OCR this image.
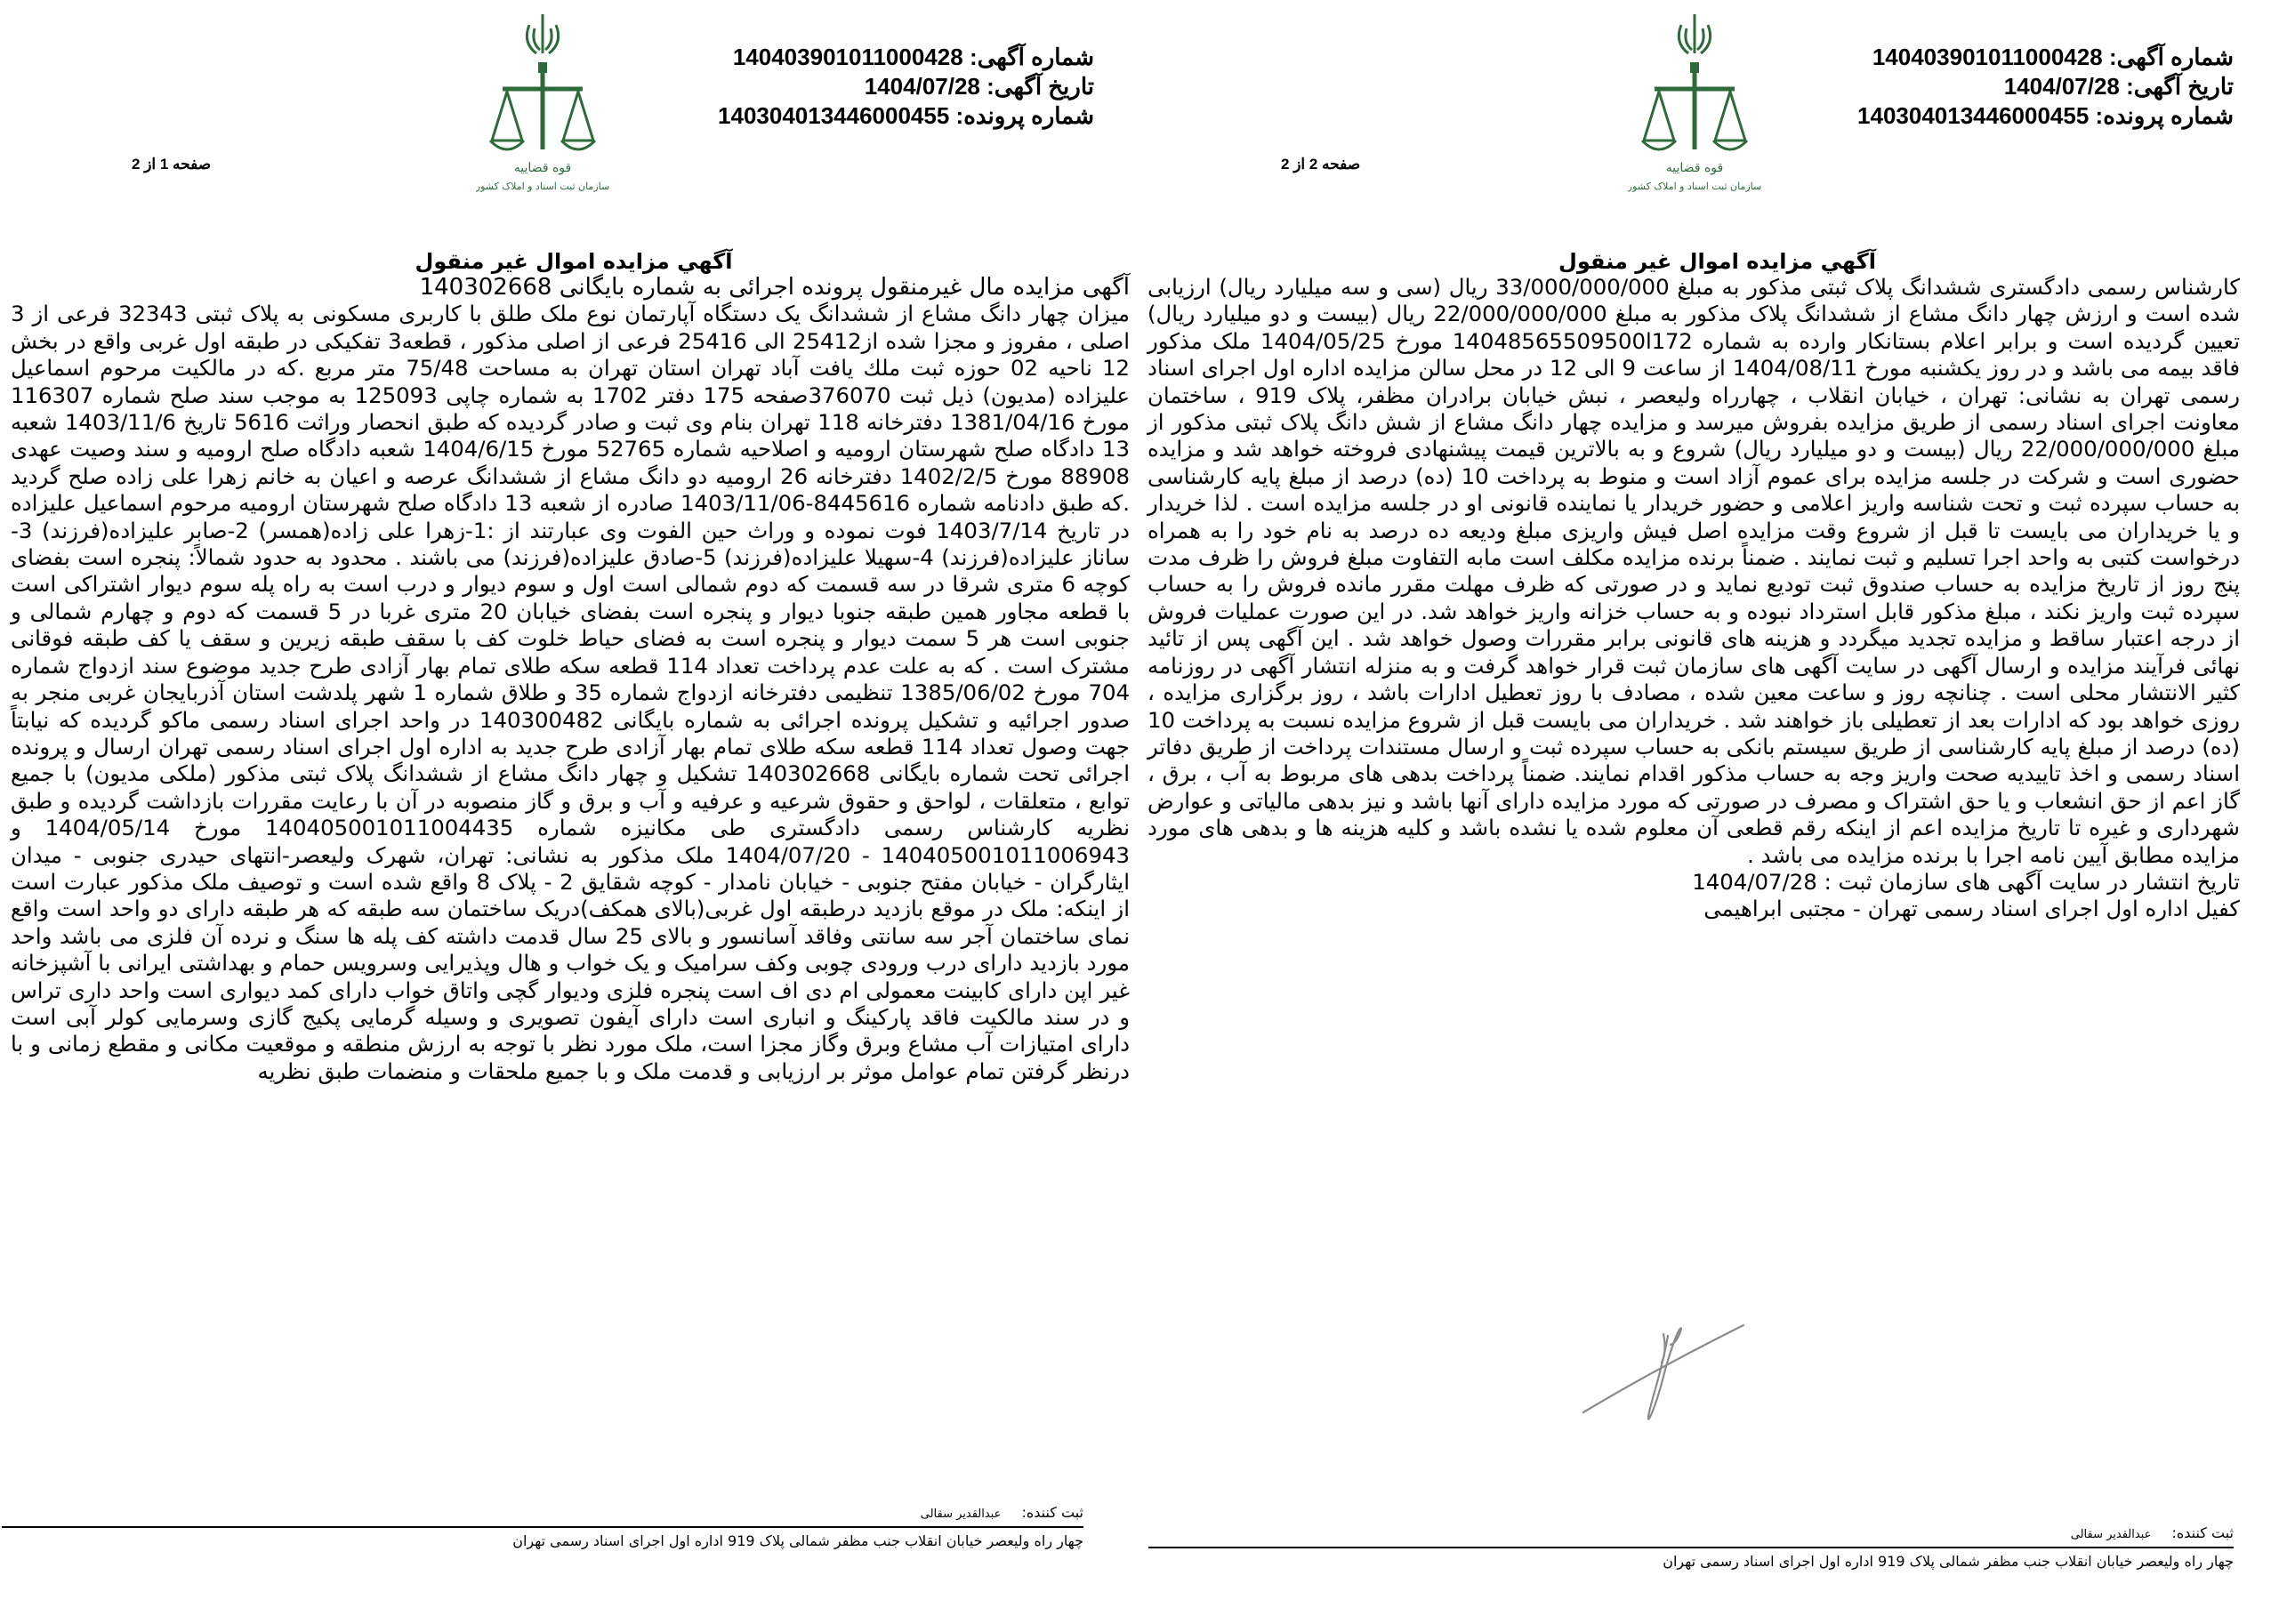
صفحه 1 از 2	قوه قضاییه
سازمان ثبت اسناد و املاک کشور
شماره آگهی: 140403901011000428
تاریخ آگهی: 1404/07/28
شماره پرونده: 140304013446000455
آگهي مزايده اموال غير منقول

آگهی مزایده مال غیرمنقول پرونده اجرائی به شماره بایگانی 140302668

میزان چهار دانگ مشاع از ششدانگ یک دستگاه آپارتمان نوع ملک طلق با کاربری مسکونی به پلاک ثبتی 32343 فرعی از 3 اصلی ، مفروز و مجزا شده از25412 الی 25416 فرعی از اصلی مذکور ، قطعه3 تفکیکی در طبقه اول غربی واقع در بخش 12 ناحیه 02 حوزه ثبت ملك یافت آباد تهران استان تهران به مساحت 75/48 متر مربع .که در مالکیت مرحوم اسماعیل علیزاده (مدیون) ذیل ثبت 376070صفحه 175 دفتر 1702 به شماره چاپی 125093 به موجب سند صلح شماره 116307 مورخ 1381/04/16 دفترخانه 118 تهران بنام وی ثبت و صادر گردیده که طبق انحصار وراثت 5616 تاریخ 1403/11/6 شعبه 13 دادگاه صلح شهرستان ارومیه و اصلاحیه شماره 52765 مورخ 1404/6/15 شعبه دادگاه صلح ارومیه و سند وصیت عهدی 88908 مورخ 1402/2/5 دفترخانه 26 ارومیه دو دانگ مشاع از ششدانگ عرصه و اعیان به خانم زهرا علی زاده صلح گردید .که طبق دادنامه شماره 8445616-1403/11/06 صادره از شعبه 13 دادگاه صلح شهرستان ارومیه مرحوم اسماعیل علیزاده در تاریخ 1403/7/14 فوت نموده و وراث حین الفوت وی عبارتند از :1-زهرا علی زاده(همسر) 2-صابر علیزاده(فرزند) 3-ساناز علیزاده(فرزند) 4-سهیلا علیزاده(فرزند) 5-صادق علیزاده(فرزند) می باشند . محدود به حدود شمالاً: پنجره است بفضای کوچه 6 متری شرقا در سه قسمت که دوم شمالی است اول و سوم دیوار و درب است به راه پله سوم دیوار اشتراکی است با قطعه مجاور همین طبقه جنوبا دیوار و پنجره است بفضای خیابان 20 متری غربا در 5 قسمت که دوم و چهارم شمالی و جنوبی است هر 5 سمت دیوار و پنجره است به فضای حیاط خلوت کف با سقف طبقه زیرین و سقف یا کف طبقه فوقانی مشترک است . که به علت عدم پرداخت تعداد 114 قطعه سکه طلای تمام بهار آزادی طرح جدید موضوع سند ازدواج شماره 704 مورخ 1385/06/02 تنظیمی دفترخانه ازدواج شماره 35 و طلاق شماره 1 شهر پلدشت استان آذربایجان غربی منجر به صدور اجرائیه و تشکیل پرونده اجرائی به شماره بایگانی 140300482 در واحد اجرای اسناد رسمی ماکو گردیده که نیابتاً جهت وصول تعداد 114 قطعه سکه طلای تمام بهار آزادی طرح جدید به اداره اول اجرای اسناد رسمی تهران ارسال و پرونده اجرائی تحت شماره بایگانی 140302668 تشکیل و چهار دانگ مشاع از ششدانگ پلاک ثبتی مذکور (ملکی مدیون) با جمیع توابع ، متعلقات ، لواحق و حقوق شرعیه و عرفیه و آب و برق و گاز منصوبه در آن با رعایت مقررات بازداشت گردیده و طبق نظریه کارشناس رسمی دادگستری طی مکانیزه شماره 140405001011004435 مورخ 1404/05/14 و 140405001011006943 - 1404/07/20 ملک مذکور به نشانی: تهران، شهرک ولیعصر-انتهای حیدری جنوبی - میدان ایثارگران - خیابان مفتح جنوبی - خیابان نامدار - کوچه شقایق 2 - پلاک 8 واقع شده است و توصیف ملک مذکور عبارت است از اینکه: ملک در موقع بازدید درطبقه اول غربی(بالای همکف)دریک ساختمان سه طبقه که هر طبقه دارای دو واحد است واقع نمای ساختمان آجر سه سانتی وفاقد آسانسور و بالای 25 سال قدمت داشته کف پله ها سنگ و نرده آن فلزی می باشد واحد مورد بازدید دارای درب ورودی چوبی وکف سرامیک و یک خواب و هال وپذیرایی وسرویس حمام و بهداشتی ایرانی با آشپزخانه غیر اپن دارای کابینت معمولی ام دی اف است پنجره فلزی ودیوار گچی واتاق خواب دارای کمد دیواری است واحد داری تراس و در سند مالکیت فاقد پارکینگ و انباری است دارای آیفون تصویری و وسیله گرمایی پکیج گازی وسرمایی کولر آبی است دارای امتیازات آب مشاع وبرق وگاز مجزا است، ملک مورد نظر با توجه به ارزش منطقه و موقعیت مکانی و مقطع زمانی و با درنظر گرفتن تمام عوامل موثر بر ارزیابی و قدمت ملک و با جمیع ملحقات و منضمات طبق نظریه

ثبت کننده: عبدالقدیر سقالی
چهار راه ولیعصر خیابان انقلاب جنب مظفر شمالی پلاک 919 اداره اول اجرای اسناد رسمی تهران
صفحه 2 از 2	قوه قضاییه
سازمان ثبت اسناد و املاک کشور
شماره آگهی: 140403901011000428
تاریخ آگهی: 1404/07/28
شماره پرونده: 140304013446000455
آگهي مزايده اموال غير منقول

کارشناس رسمی دادگستری ششدانگ پلاک ثبتی مذکور به مبلغ 33/000/000/000 ریال (سی و سه میلیارد ریال) ارزیابی شده است و ارزش چهار دانگ مشاع از ششدانگ پلاک مذکور به مبلغ 22/000/000/000 ریال (بیست و دو میلیارد ریال) تعیین گردیده است و برابر اعلام بستانکار وارده به شماره 14048565509500l172 مورخ 1404/05/25 ملک مذکور فاقد بیمه می باشد و در روز یکشنبه مورخ 1404/08/11 از ساعت 9 الی 12 در محل سالن مزایده اداره اول اجرای اسناد رسمی تهران به نشانی: تهران ، خیابان انقلاب ، چهارراه ولیعصر ، نبش خیابان برادران مظفر، پلاک 919 ، ساختمان معاونت اجرای اسناد رسمی از طریق مزایده بفروش میرسد و مزایده چهار دانگ مشاع از شش دانگ پلاک ثبتی مذکور از مبلغ 22/000/000/000 ریال (بیست و دو میلیارد ریال) شروع و به بالاترین قیمت پیشنهادی فروخته خواهد شد و مزایده حضوری است و شرکت در جلسه مزایده برای عموم آزاد است و منوط به پرداخت 10 (ده) درصد از مبلغ پایه کارشناسی به حساب سپرده ثبت و تحت شناسه واریز اعلامی و حضور خریدار یا نماینده قانونی او در جلسه مزایده است . لذا خریدار و یا خریداران می بایست تا قبل از شروع وقت مزایده اصل فیش واریزی مبلغ ودیعه ده درصد به نام خود را به همراه درخواست کتبی به واحد اجرا تسلیم و ثبت نمایند . ضمناً برنده مزایده مکلف است مابه التفاوت مبلغ فروش را ظرف مدت پنج روز از تاریخ مزایده به حساب صندوق ثبت تودیع نماید و در صورتی که ظرف مهلت مقرر مانده فروش را به حساب سپرده ثبت واریز نکند ، مبلغ مذکور قابل استرداد نبوده و به حساب خزانه واریز خواهد شد. در این صورت عملیات فروش از درجه اعتبار ساقط و مزایده تجدید میگردد و هزینه های قانونی برابر مقررات وصول خواهد شد . این آگهی پس از تائید نهائی فرآیند مزایده و ارسال آگهی در سایت آگهی های سازمان ثبت قرار خواهد گرفت و به منزله انتشار آگهی در روزنامه کثیر الانتشار محلی است . چنانچه روز و ساعت معین شده ، مصادف با روز تعطیل ادارات باشد ، روز برگزاری مزایده ، روزی خواهد بود که ادارات بعد از تعطیلی باز خواهند شد . خریداران می بایست قبل از شروع مزایده نسبت به پرداخت 10 (ده) درصد از مبلغ پایه کارشناسی از طریق سیستم بانکی به حساب سپرده ثبت و ارسال مستندات پرداخت از طریق دفاتر اسناد رسمی و اخذ تاییدیه صحت واریز وجه به حساب مذکور اقدام نمایند. ضمناً پرداخت بدهی های مربوط به آب ، برق ، گاز اعم از حق انشعاب و یا حق اشتراک و مصرف در صورتی که مورد مزایده دارای آنها باشد و نیز بدهی مالیاتی و عوارض شهرداری و غیره تا تاریخ مزایده اعم از اینکه رقم قطعی آن معلوم شده یا نشده باشد و کلیه هزینه ها و بدهی های مورد مزایده مطابق آیین نامه اجرا با برنده مزایده می باشد .

تاریخ انتشار در سایت آگهی های سازمان ثبت : 1404/07/28

کفیل اداره اول اجرای اسناد رسمی تهران - مجتبی ابراهیمی

ثبت کننده: عبدالقدیر سقالی
چهار راه ولیعصر خیابان انقلاب جنب مظفر شمالی پلاک 919 اداره اول اجرای اسناد رسمی تهران
